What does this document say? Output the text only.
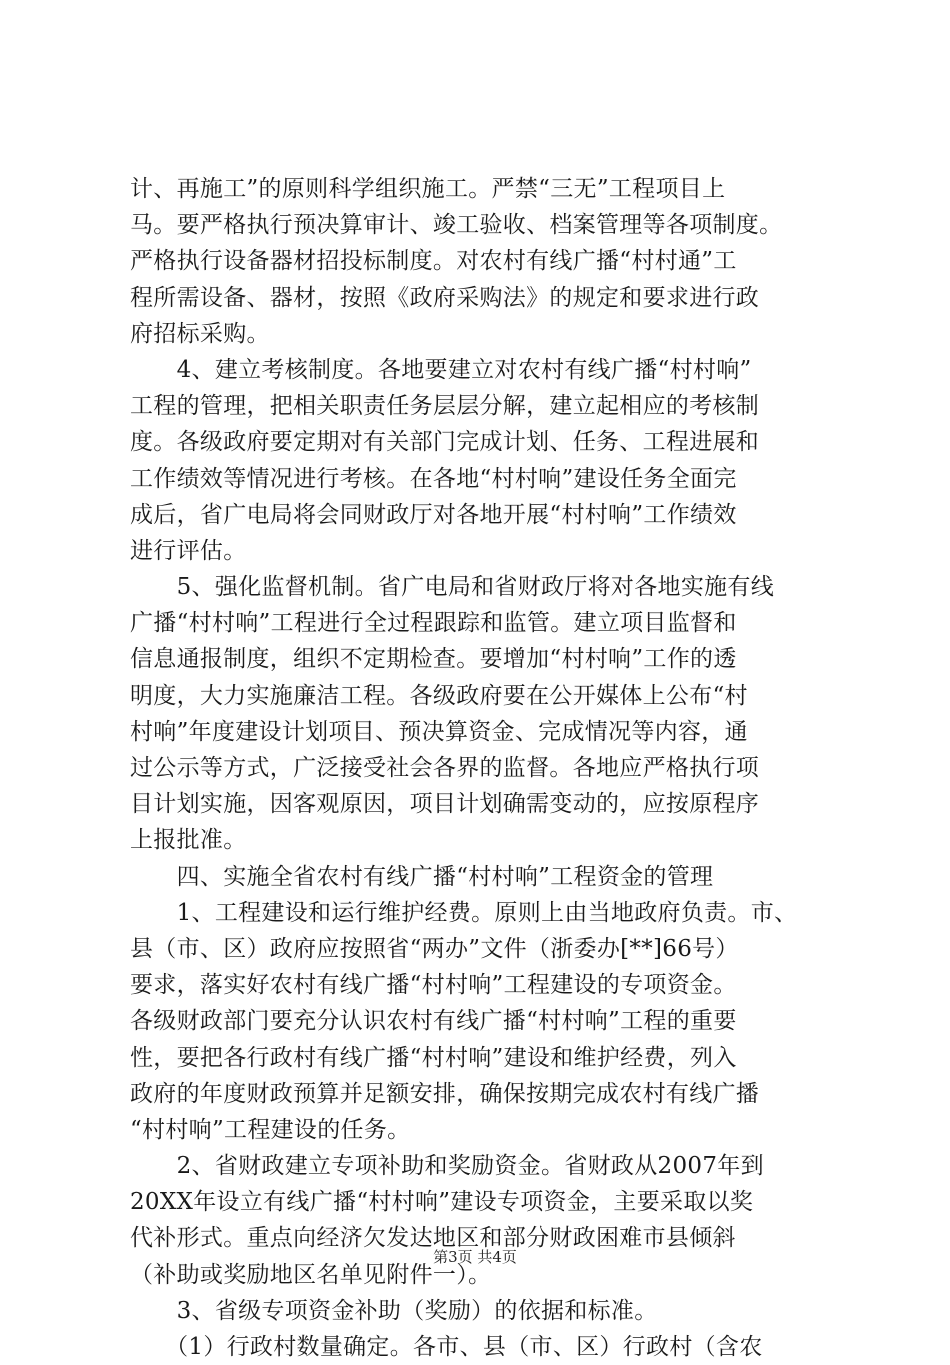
计、再施工”的原则科学组织施工。严禁“三无”工程项目上
马。要严格执行预决算审计、竣工验收、档案管理等各项制度。
严格执行设备器材招投标制度。对农村有线广播“村村通”工
程所需设备、器材，按照《政府采购法》的规定和要求进行政
府招标采购。
　　4、建立考核制度。各地要建立对农村有线广播“村村响”
工程的管理，把相关职责任务层层分解，建立起相应的考核制
度。各级政府要定期对有关部门完成计划、任务、工程进展和
工作绩效等情况进行考核。在各地“村村响”建设任务全面完
成后，省广电局将会同财政厅对各地开展“村村响”工作绩效
进行评估。
　　5、强化监督机制。省广电局和省财政厅将对各地实施有线
广播“村村响”工程进行全过程跟踪和监管。建立项目监督和
信息通报制度，组织不定期检查。要增加“村村响”工作的透
明度，大力实施廉洁工程。各级政府要在公开媒体上公布“村
村响”年度建设计划项目、预决算资金、完成情况等内容，通
过公示等方式，广泛接受社会各界的监督。各地应严格执行项
目计划实施，因客观原因，项目计划确需变动的，应按原程序
上报批准。
　　四、实施全省农村有线广播“村村响”工程资金的管理
　　1、工程建设和运行维护经费。原则上由当地政府负责。市、
县（市、区）政府应按照省“两办”文件（浙委办[**]66号）
要求，落实好农村有线广播“村村响”工程建设的专项资金。
各级财政部门要充分认识农村有线广播“村村响”工程的重要
性，要把各行政村有线广播“村村响”建设和维护经费，列入
政府的年度财政预算并足额安排，确保按期完成农村有线广播
“村村响”工程建设的任务。
　　2、省财政建立专项补助和奖励资金。省财政从2007年到
20XX年设立有线广播“村村响”建设专项资金，主要采取以奖
代补形式。重点向经济欠发达地区和部分财政困难市县倾斜
（补助或奖励地区名单见附件一）。
　　3、省级专项资金补助（奖励）的依据和标准。
　　（1）行政村数量确定。各市、县（市、区）行政村（含农
第3页 共4页
